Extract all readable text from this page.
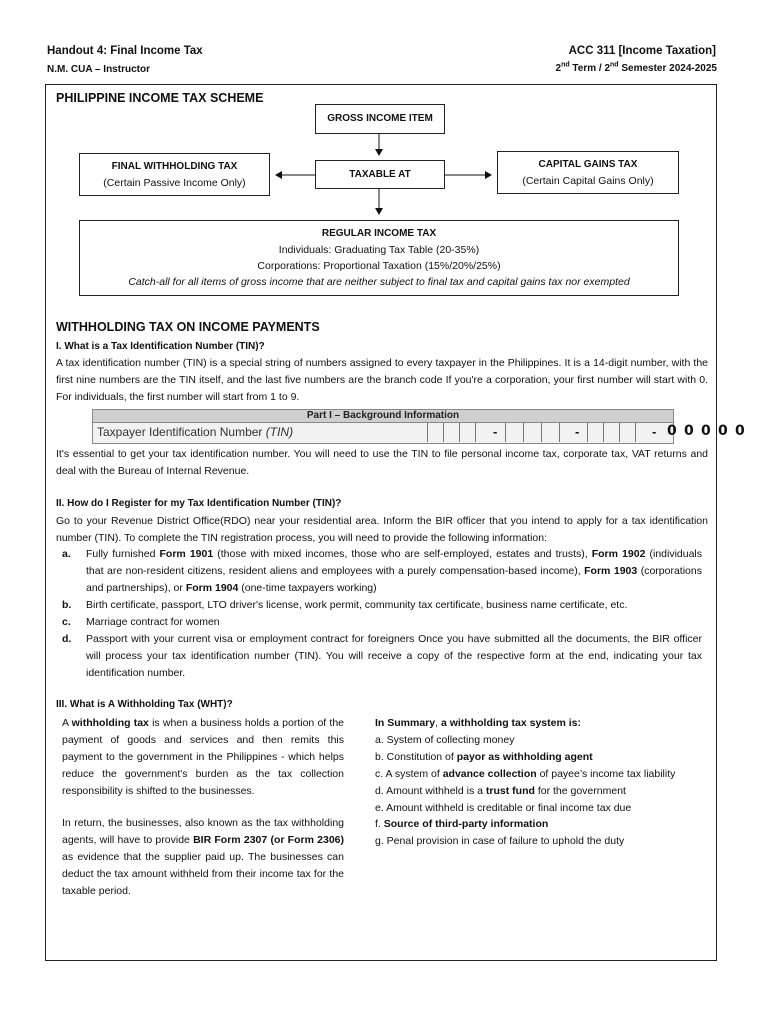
Handout 4: Final Income Tax
N.M. CUA – Instructor
ACC 311 [Income Taxation]
2nd Term / 2nd Semester 2024-2025
PHILIPPINE INCOME TAX SCHEME
GROSS INCOME ITEM
TAXABLE AT
FINAL WITHHOLDING TAX
(Certain Passive Income Only)
CAPITAL GAINS TAX
(Certain Capital Gains Only)
REGULAR INCOME TAX
Individuals: Graduating Tax Table (20-35%)
Corporations: Proportional Taxation (15%/20%/25%)
Catch-all for all items of gross income that are neither subject to final tax and capital gains tax nor exempted
WITHHOLDING TAX ON INCOME PAYMENTS
I. What is a Tax Identification Number (TIN)?
A tax identification number (TIN) is a special string of numbers assigned to every taxpayer in the Philippines. It is a 14-digit number, with the first nine numbers are the TIN itself, and the last five numbers are the branch code If you're a corporation, your first number will start with 0. For individuals, the first number will start from 1 to 9.
Part I – Background Information
Taxpayer Identification Number (TIN)	-	-	- 0 0 0 0 0
It's essential to get your tax identification number. You will need to use the TIN to file personal income tax, corporate tax, VAT returns and deal with the Bureau of Internal Revenue.
II. How do I Register for my Tax Identification Number (TIN)?
Go to your Revenue District Office(RDO) near your residential area. Inform the BIR officer that you intend to apply for a tax identification number (TIN). To complete the TIN registration process, you will need to provide the following information:
a. Fully furnished Form 1901 (those with mixed incomes, those who are self-employed, estates and trusts), Form 1902 (individuals that are non-resident citizens, resident aliens and employees with a purely compensation-based income), Form 1903 (corporations and partnerships), or Form 1904 (one-time taxpayers working)
b. Birth certificate, passport, LTO driver's license, work permit, community tax certificate, business name certificate, etc.
c. Marriage contract for women
d. Passport with your current visa or employment contract for foreigners Once you have submitted all the documents, the BIR officer will process your tax identification number (TIN). You will receive a copy of the respective form at the end, indicating your tax identification number.
III. What is A Withholding Tax (WHT)?

A withholding tax is when a business holds a portion of the payment of goods and services and then remits this payment to the government in the Philippines - which helps reduce the government's burden as the tax collection responsibility is shifted to the businesses.

In return, the businesses, also known as the tax withholding agents, will have to provide BIR Form 2307 (or Form 2306) as evidence that the supplier paid up. The businesses can deduct the tax amount withheld from their income tax for the taxable period.

In Summary, a withholding tax system is:
a. System of collecting money
b. Constitution of payor as withholding agent
c. A system of advance collection of payee’s income tax liability
d. Amount withheld is a trust fund for the government
e. Amount withheld is creditable or final income tax due
f. Source of third-party information
g. Penal provision in case of failure to uphold the duty
